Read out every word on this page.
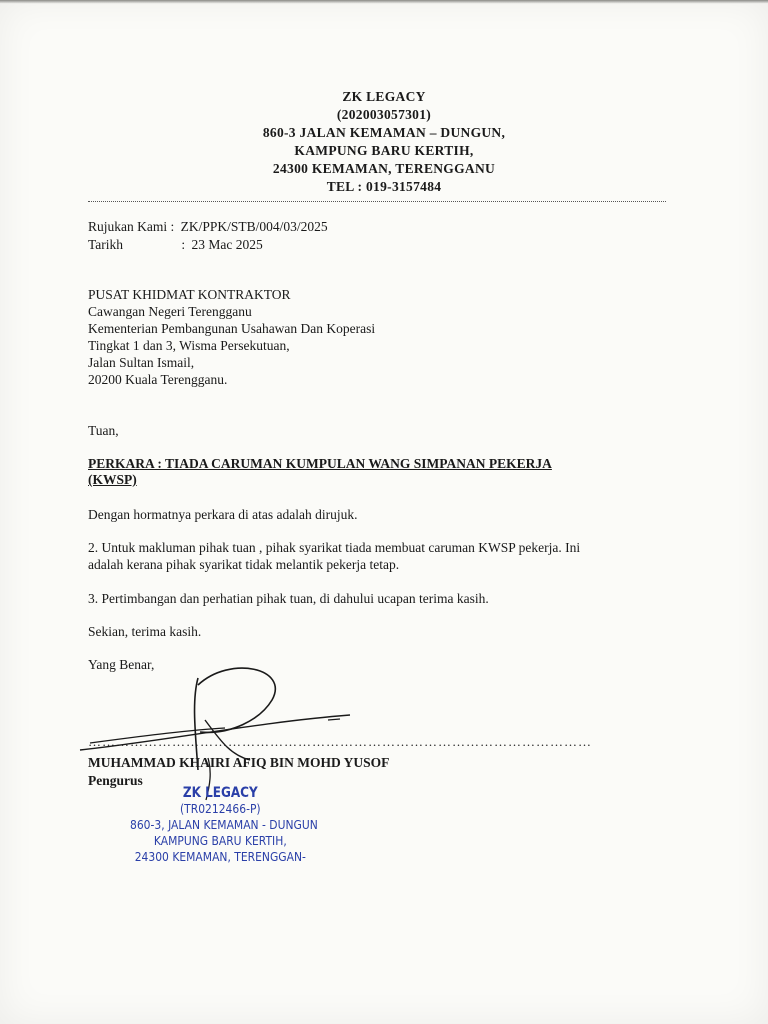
ZK LEGACY
(202003057301)
860-3 JALAN KEMAMAN – DUNGUN,
KAMPUNG BARU KERTIH,
24300 KEMAMAN, TERENGGANU
TEL : 019-3157484
Rujukan Kami : ZK/PPK/STB/004/03/2025
Tarikh	: 23 Mac 2025
PUSAT KHIDMAT KONTRAKTOR
Cawangan Negeri Terengganu
Kementerian Pembangunan Usahawan Dan Koperasi
Tingkat 1 dan 3, Wisma Persekutuan,
Jalan Sultan Ismail,
20200 Kuala Terengganu.
Tuan,
PERKARA : TIADA CARUMAN KUMPULAN WANG SIMPANAN PEKERJA
(KWSP)
Dengan hormatnya perkara di atas adalah dirujuk.
2. Untuk makluman pihak tuan , pihak syarikat tiada membuat caruman KWSP pekerja. Ini
adalah kerana pihak syarikat tidak melantik pekerja tetap.
3. Pertimbangan dan perhatian pihak tuan, di dahului ucapan terima kasih.
Sekian, terima kasih.
Yang Benar,
………………………………………………………………………………………………
MUHAMMAD KHAIRI AFIQ BIN MOHD YUSOF
Pengurus
ZK LEGACY
(TR0212466-P)
860-3, JALAN KEMAMAN - DUNGUN
KAMPUNG BARU KERTIH,
24300 KEMAMAN, TERENGGAN-
